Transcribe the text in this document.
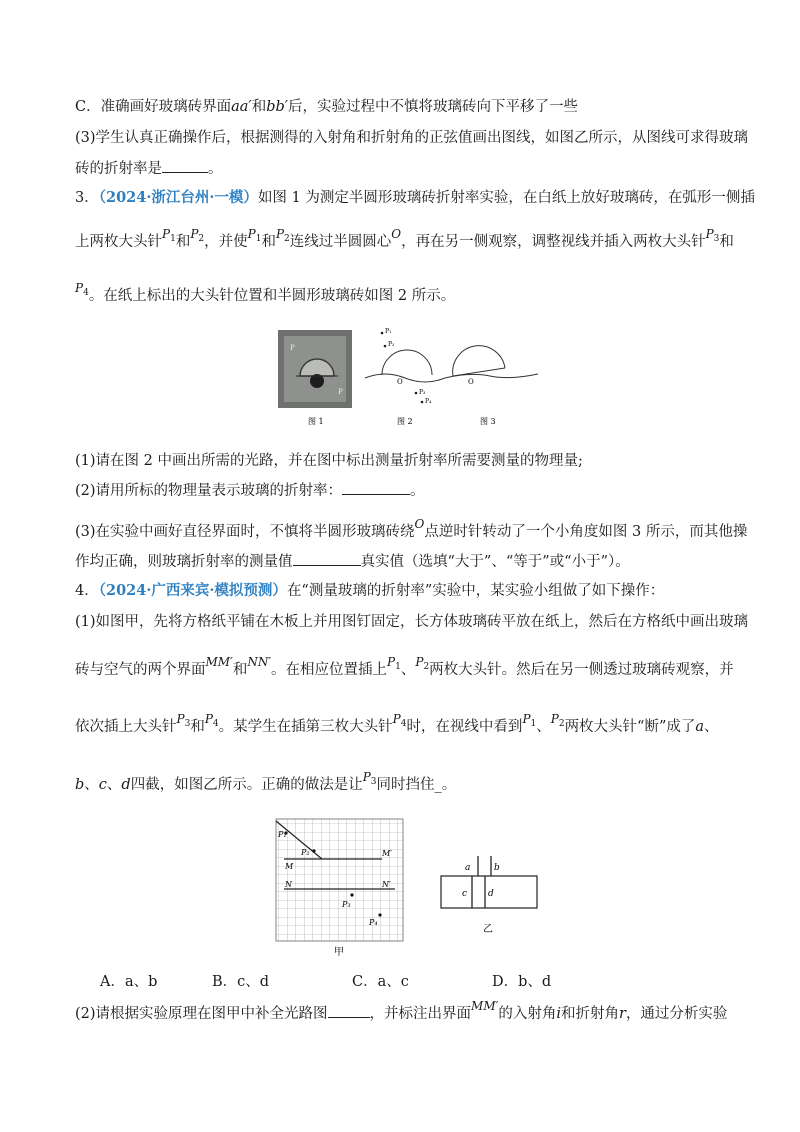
C．准确画好玻璃砖界面aa′和bb′后，实验过程中不慎将玻璃砖向下平移了一些
(3)学生认真正确操作后，根据测得的入射角和折射角的正弦值画出图线，如图乙所示，从图线可求得玻璃
砖的折射率是	。
3．（2024·浙江台州·一模）如图 1 为测定半圆形玻璃砖折射率实验，在白纸上放好玻璃砖，在弧形一侧插
上两枚大头针$^{P_1}$和$^{P_2}$，并使$^{P_1}$和$^{P_2}$连线过半圆圆心$^O$，再在另一侧观察，调整视线并插入两枚大头针$^{P_3}$和
$^{P_4}$。在纸上标出的大头针位置和半圆形玻璃砖如图 2 所示。
P
P
P₁
P₂
O
P₃
P₄
O
图 1	图 2	图 3
(1)请在图 2 中画出所需的光路，并在图中标出测量折射率所需要测量的物理量;
(2)请用所标的物理量表示玻璃的折射率：	。
(3)在实验中画好直径界面时，不慎将半圆形玻璃砖绕$^O$点逆时针转动了一个小角度如图 3 所示，而其他操
作均正确，则玻璃折射率的测量值	真实值（选填“大于”、“等于”或“小于”）。
4．（2024·广西来宾·模拟预测）在“测量玻璃的折射率”实验中，某实验小组做了如下操作：
(1)如图甲，先将方格纸平铺在木板上并用图钉固定，长方体玻璃砖平放在纸上，然后在方格纸中画出玻璃
砖与空气的两个界面$^{MM'}$和$^{NN'}$。在相应位置插上$^{P_1}$、$^{P_2}$两枚大头针。然后在另一侧透过玻璃砖观察，并
依次插上大头针$^{P_3}$和$^{P_4}$。某学生在插第三枚大头针$^{P_4}$时，在视线中看到$^{P_1}$、$^{P_2}$两枚大头针“断”成了a、
b、c、d四截，如图乙所示。正确的做法是让$^{P_3}$同时挡住_。
P₁
P₂
M
M′
N	N′
P₃
P₄
甲
a	b
c d
乙
A．a、b	B．c、d	C．a、c	D．b、d
(2)请根据实验原理在图甲中补全光路图	，并标注出界面$^{MM'}$的入射角i和折射角r，通过分析实验
